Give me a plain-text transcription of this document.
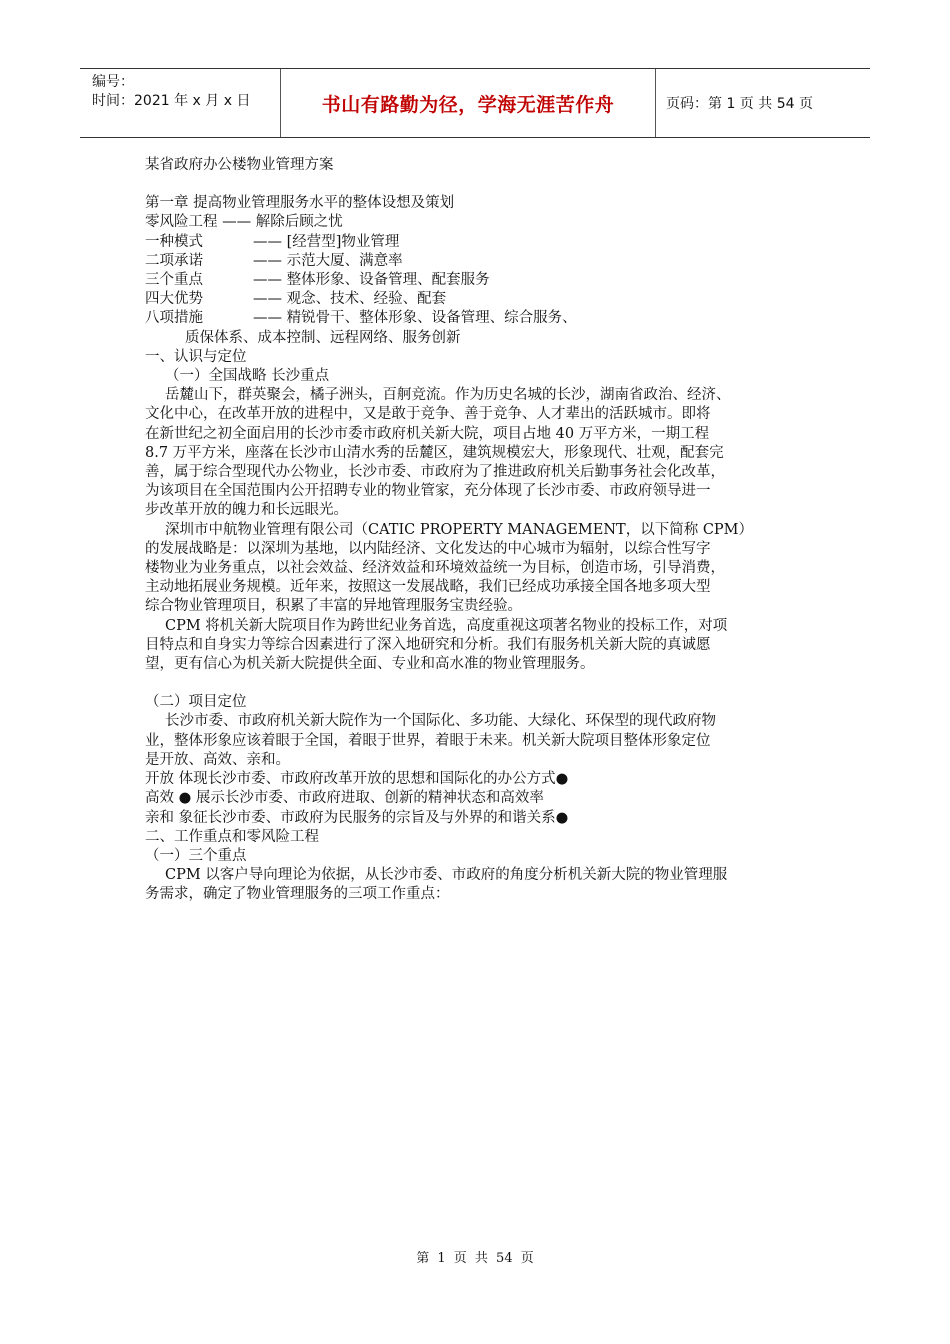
编号：
时间：2021 年 x 月 x 日	书山有路勤为径，学海无涯苦作舟	页码：第 1 页 共 54 页

某省政府办公楼物业管理方案

第一章 提高物业管理服务水平的整体设想及策划

零风险工程 —— 解除后顾之忧

一种模式	—— [经营型]物业管理

二项承诺	—— 示范大厦、满意率

三个重点	—— 整体形象、设备管理、配套服务

四大优势	—— 观念、技术、经验、配套

八项措施	—— 精锐骨干、整体形象、设备管理、综合服务、

质保体系、成本控制、远程网络、服务创新

一、认识与定位

（一）全国战略 长沙重点

岳麓山下，群英聚会，橘子洲头，百舸竞流。作为历史名城的长沙，湖南省政治、经济、

文化中心，在改革开放的进程中，又是敢于竞争、善于竞争、人才辈出的活跃城市。即将

在新世纪之初全面启用的长沙市委市政府机关新大院，项目占地 40 万平方米，一期工程

8.7 万平方米，座落在长沙市山清水秀的岳麓区，建筑规模宏大，形象现代、壮观，配套完

善，属于综合型现代办公物业，长沙市委、市政府为了推进政府机关后勤事务社会化改革，

为该项目在全国范围内公开招聘专业的物业管家，充分体现了长沙市委、市政府领导进一

步改革开放的魄力和长远眼光。

深圳市中航物业管理有限公司（CATIC PROPERTY MANAGEMENT，以下简称 CPM）

的发展战略是：以深圳为基地，以内陆经济、文化发达的中心城市为辐射，以综合性写字

楼物业为业务重点，以社会效益、经济效益和环境效益统一为目标，创造市场，引导消费，

主动地拓展业务规模。近年来，按照这一发展战略，我们已经成功承接全国各地多项大型

综合物业管理项目，积累了丰富的异地管理服务宝贵经验。

CPM 将机关新大院项目作为跨世纪业务首选，高度重视这项著名物业的投标工作，对项

目特点和自身实力等综合因素进行了深入地研究和分析。我们有服务机关新大院的真诚愿

望，更有信心为机关新大院提供全面、专业和高水准的物业管理服务。

（二）项目定位

长沙市委、市政府机关新大院作为一个国际化、多功能、大绿化、环保型的现代政府物

业，整体形象应该着眼于全国，着眼于世界，着眼于未来。机关新大院项目整体形象定位

是开放、高效、亲和。

开放 体现长沙市委、市政府改革开放的思想和国际化的办公方式●

高效 ● 展示长沙市委、市政府进取、创新的精神状态和高效率

亲和 象征长沙市委、市政府为民服务的宗旨及与外界的和谐关系●

二、工作重点和零风险工程

（一）三个重点

CPM 以客户导向理论为依据，从长沙市委、市政府的角度分析机关新大院的物业管理服

务需求，确定了物业管理服务的三项工作重点：

第 1 页 共 54 页
